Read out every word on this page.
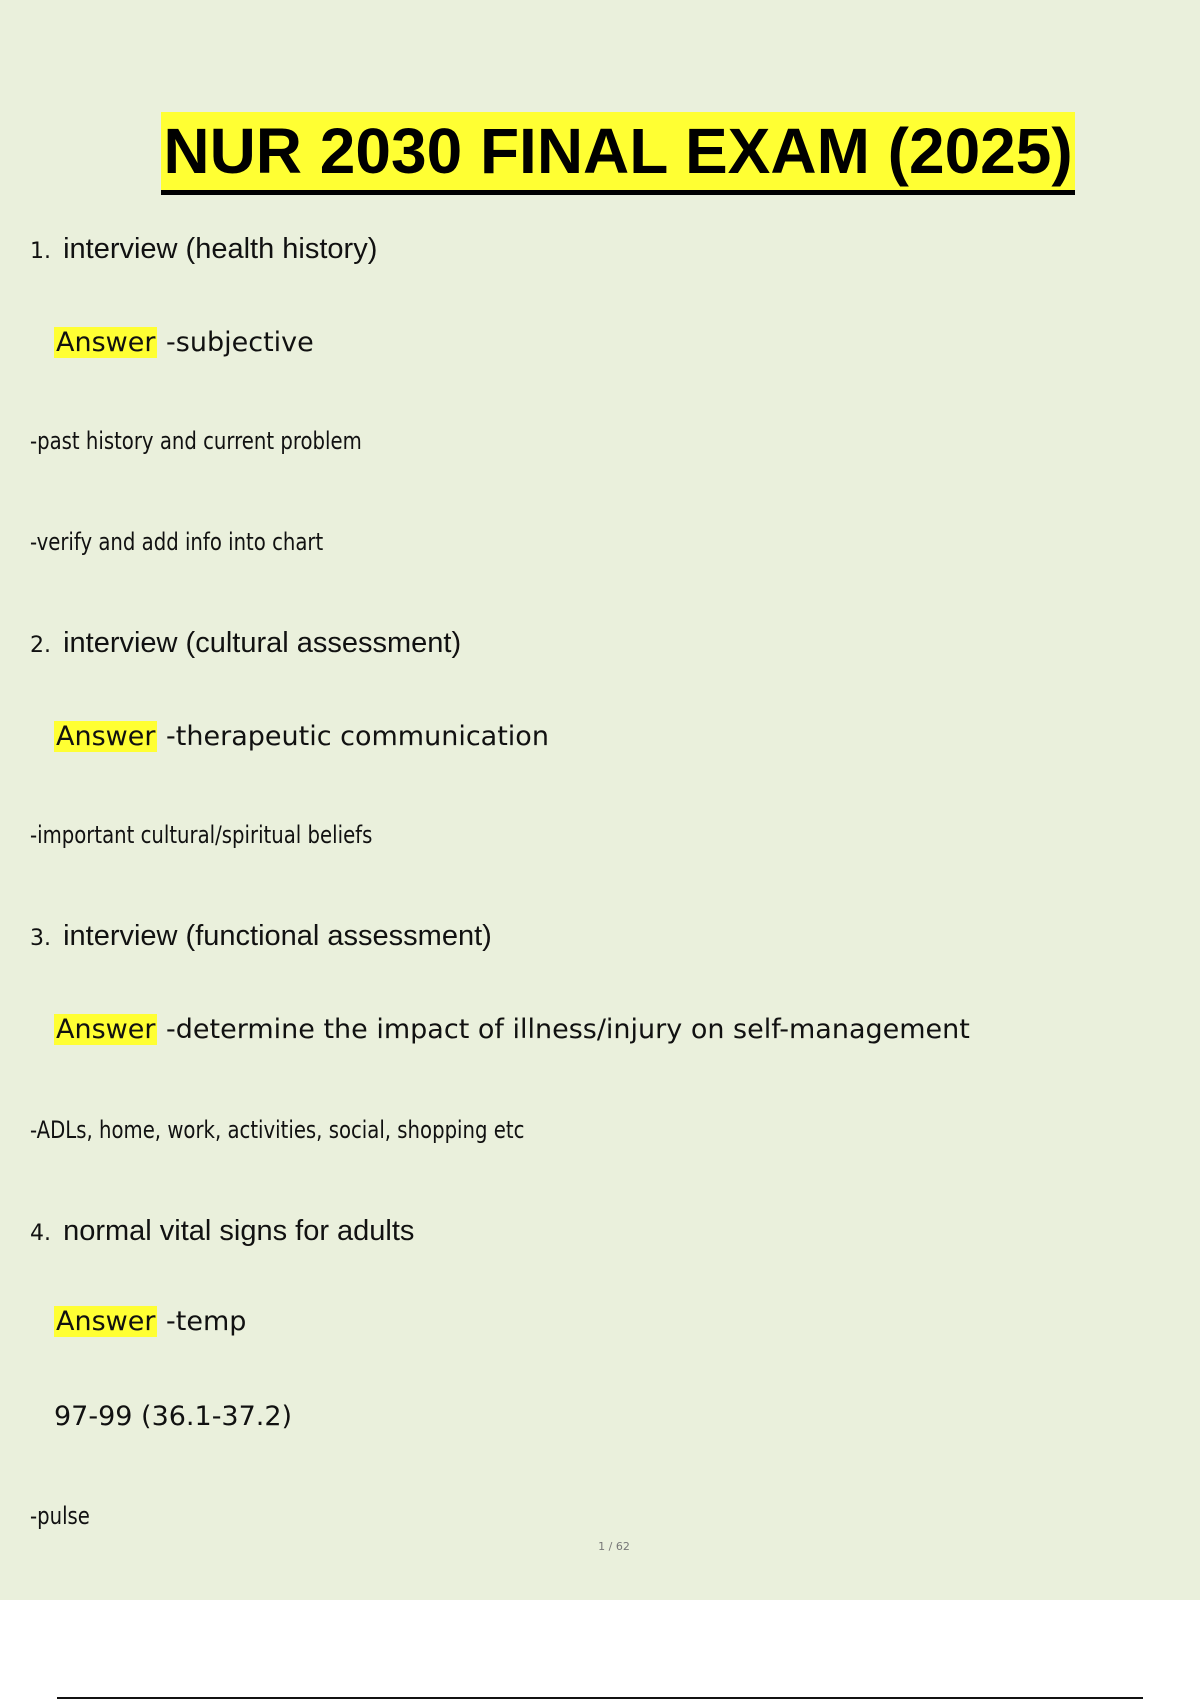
NUR 2030 FINAL EXAM (2025)
1. interview (health history)
Answer -subjective
-past history and current problem
-verify and add info into chart
2. interview (cultural assessment)
Answer -therapeutic communication
-important cultural/spiritual beliefs
3. interview (functional assessment)
Answer -determine the impact of illness/injury on self-management
-ADLs, home, work, activities, social, shopping etc
4. normal vital signs for adults
Answer -temp
97-99 (36.1-37.2)
-pulse
1 / 62
